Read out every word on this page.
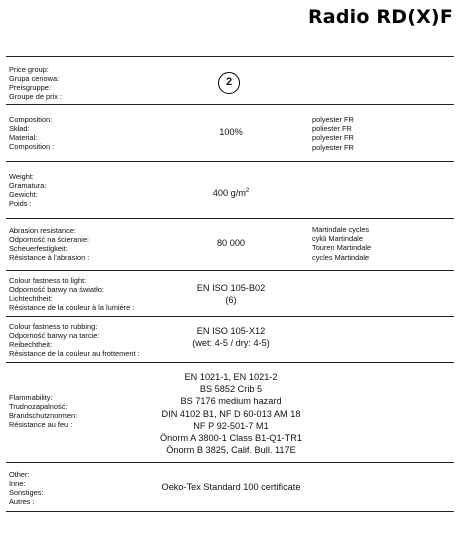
Radio RD(X)F
Price group:
Grupa cenowa:
Preisgruppe:
Groupe de prix :
2
Composition:
Skład:
Material:
Composition :
100%
polyester FR
poliester FR
polyester FR
polyester FR
Weight:
Gramatura:
Gewicht:
Poids :
400 $g/m^2$
Abrasion resistance:
Odporność na ścieranie:
Scheuerfestigkeit:
Résistance à l'abrasion :
80 000
Martindale cycles
cykli Martindale
Touren Martindale
cycles Martindale
Colour fastness to light:
Odporność barwy na światło:
Lichtechtheit:
Résistance de la couleur à la lumière :
EN ISO 105-B02
(6)
Colour fastness to rubbing:
Odporność barwy na tarcie:
Reibechtheit:
Résistance de la couleur au frottement :
EN ISO 105-X12
(wet: 4-5 / dry: 4-5)
Flammability:
Trudnozapalność:
Brandschutznormen:
Résistance au feu :
EN 1021-1, EN 1021-2
BS 5852 Crib 5
BS 7176 medium hazard
DIN 4102 B1, NF D 60-013 AM 18
NF P 92-501-7 M1
Önorm A 3800-1 Class B1-Q1-TR1
Önorm B 3825, Calif. Bull. 117E
Other:
Inne:
Sonstiges:
Autres :
Oeko-Tex Standard 100 certificate
